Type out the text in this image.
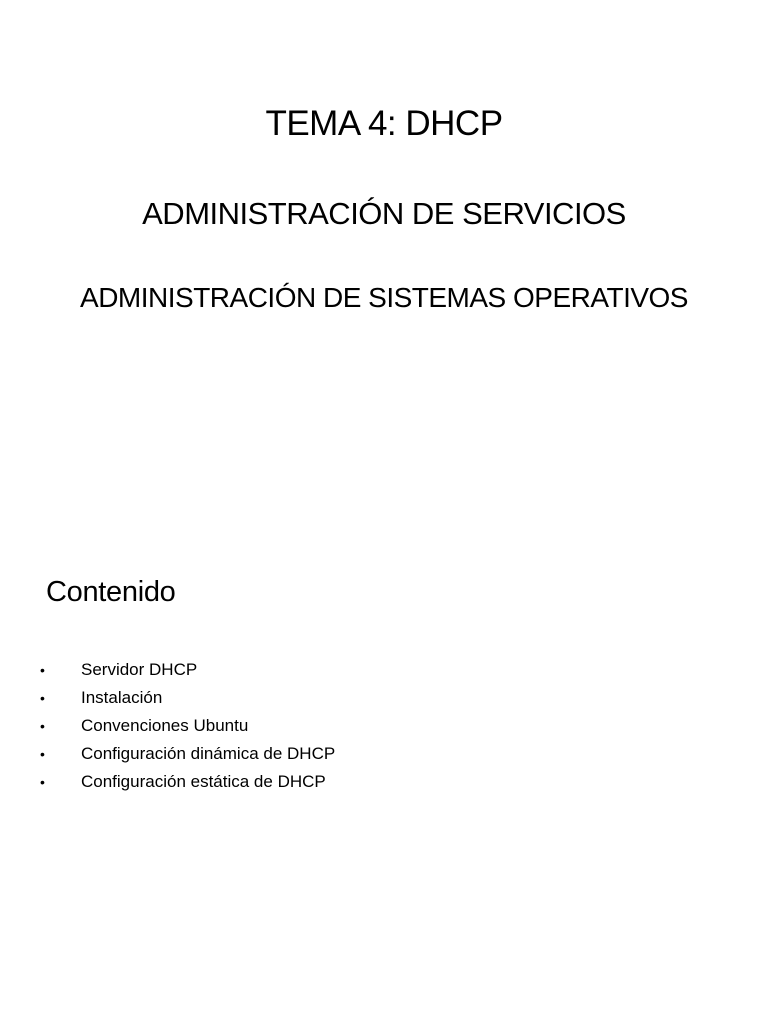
TEMA 4: DHCP
ADMINISTRACIÓN DE SERVICIOS
ADMINISTRACIÓN DE SISTEMAS OPERATIVOS
Contenido
• Servidor DHCP
• Instalación
• Convenciones Ubuntu
• Configuración dinámica de DHCP
• Configuración estática de DHCP
